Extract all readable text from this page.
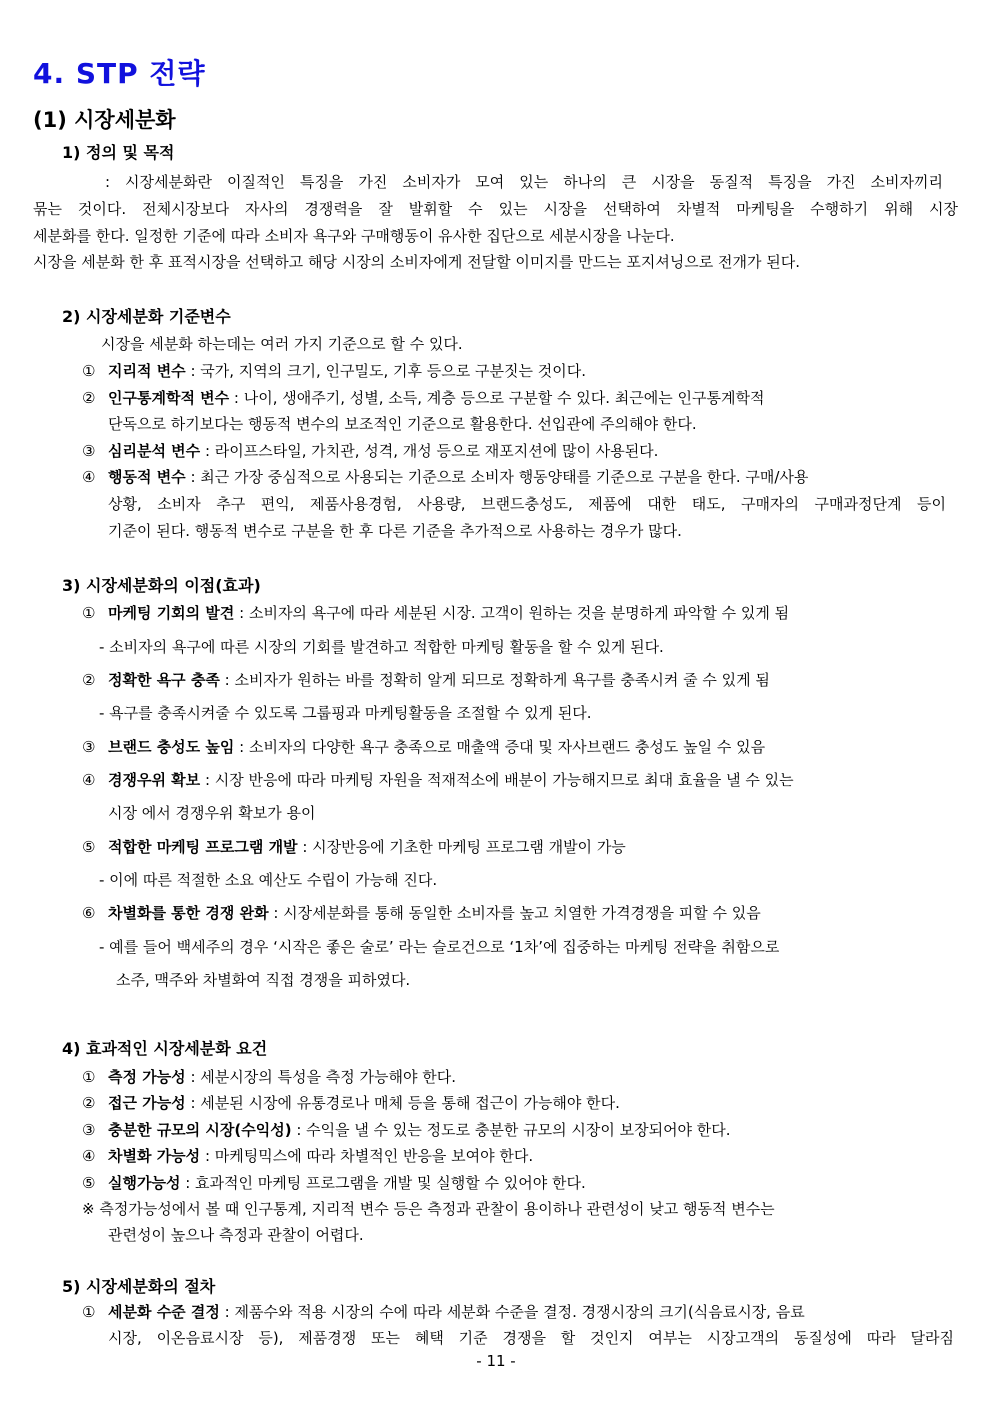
4. STP 전략
(1) 시장세분화
1) 정의 및 목적
: 시장세분화란 이질적인 특징을 가진 소비자가 모여 있는 하나의 큰 시장을 동질적 특징을 가진 소비자끼리
묶는 것이다. 전체시장보다 자사의 경쟁력을 잘 발휘할 수 있는 시장을 선택하여 차별적 마케팅을 수행하기 위해 시장
세분화를 한다. 일정한 기준에 따라 소비자 욕구와 구매행동이 유사한 집단으로 세분시장을 나눈다.
시장을 세분화 한 후 표적시장을 선택하고 해당 시장의 소비자에게 전달할 이미지를 만드는 포지셔닝으로 전개가 된다.
2) 시장세분화 기준변수
시장을 세분화 하는데는 여러 가지 기준으로 할 수 있다.
① 지리적 변수 : 국가, 지역의 크기, 인구밀도, 기후 등으로 구분짓는 것이다.
② 인구통계학적 변수 : 나이, 생애주기, 성별, 소득, 계층 등으로 구분할 수 있다. 최근에는 인구통계학적
단독으로 하기보다는 행동적 변수의 보조적인 기준으로 활용한다. 선입관에 주의해야 한다.
③ 심리분석 변수 : 라이프스타일, 가치관, 성격, 개성 등으로 재포지션에 많이 사용된다.
④ 행동적 변수 : 최근 가장 중심적으로 사용되는 기준으로 소비자 행동양태를 기준으로 구분을 한다. 구매/사용
상황, 소비자 추구 편익, 제품사용경험, 사용량, 브랜드충성도, 제품에 대한 태도, 구매자의 구매과정단계 등이
기준이 된다. 행동적 변수로 구분을 한 후 다른 기준을 추가적으로 사용하는 경우가 많다.
3) 시장세분화의 이점(효과)
① 마케팅 기회의 발견 : 소비자의 욕구에 따라 세분된 시장. 고객이 원하는 것을 분명하게 파악할 수 있게 됨
- 소비자의 욕구에 따른 시장의 기회를 발견하고 적합한 마케팅 활동을 할 수 있게 된다.
② 정확한 욕구 충족 : 소비자가 원하는 바를 정확히 알게 되므로 정확하게 욕구를 충족시켜 줄 수 있게 됨
- 욕구를 충족시켜줄 수 있도록 그룹핑과 마케팅활동을 조절할 수 있게 된다.
③ 브랜드 충성도 높임 : 소비자의 다양한 욕구 충족으로 매출액 증대 및 자사브랜드 충성도 높일 수 있음
④ 경쟁우위 확보 : 시장 반응에 따라 마케팅 자원을 적재적소에 배분이 가능해지므로 최대 효율을 낼 수 있는
시장 에서 경쟁우위 확보가 용이
⑤ 적합한 마케팅 프로그램 개발 : 시장반응에 기초한 마케팅 프로그램 개발이 가능
- 이에 따른 적절한 소요 예산도 수립이 가능해 진다.
⑥ 차별화를 통한 경쟁 완화 : 시장세분화를 통해 동일한 소비자를 높고 치열한 가격경쟁을 피할 수 있음
- 예를 들어 백세주의 경우 ‘시작은 좋은 술로’ 라는 슬로건으로 ‘1차’에 집중하는 마케팅 전략을 취함으로
소주, 맥주와 차별화여 직접 경쟁을 피하였다.
4) 효과적인 시장세분화 요건
① 측정 가능성 : 세분시장의 특성을 측정 가능해야 한다.
② 접근 가능성 : 세분된 시장에 유통경로나 매체 등을 통해 접근이 가능해야 한다.
③ 충분한 규모의 시장(수익성) : 수익을 낼 수 있는 정도로 충분한 규모의 시장이 보장되어야 한다.
④ 차별화 가능성 : 마케팅믹스에 따라 차별적인 반응을 보여야 한다.
⑤ 실행가능성 : 효과적인 마케팅 프로그램을 개발 및 실행할 수 있어야 한다.
※ 측정가능성에서 볼 때 인구통계, 지리적 변수 등은 측정과 관찰이 용이하나 관련성이 낮고 행동적 변수는
관련성이 높으나 측정과 관찰이 어렵다.
5) 시장세분화의 절차
① 세분화 수준 결정 : 제품수와 적용 시장의 수에 따라 세분화 수준을 결정. 경쟁시장의 크기(식음료시장, 음료
시장, 이온음료시장 등), 제품경쟁 또는 혜택 기준 경쟁을 할 것인지 여부는 시장고객의 동질성에 따라 달라짐
- 11 -
